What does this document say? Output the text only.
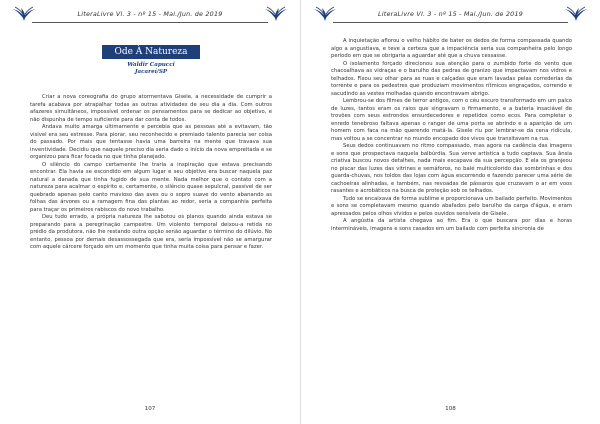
LiteraLivre Vl. 3 - nº 15 - Mai./Jun. de 2019
Ode À Natureza
Waldir Capucci
Jacareí/SP

Criar a nova coreografia do grupo atormentava Gisele, a necessidade de cumprir a tarefa acabava por atrapalhar todas as outras atividades de seu dia a dia. Com outros afazeres simultâneos, impossível ordenar os pensamentos para se dedicar ao objetivo, e não dispunha de tempo suficiente para dar conta de todos.

Andava muito amarga ultimamente e percebia que as pessoas até a evitavam, tão visível era seu estresse. Para piorar, seu reconhecido e premiado talento parecia ser coisa do passado. Por mais que tentasse havia uma barreira na mente que travava sua inventividade. Decidiu que naquele preciso dia seria dado o início da nova empreitada e se organizou para ficar focada no que tinha planejado.

O silêncio do campo certamente lhe traria a inspiração que estava precisando encontrar. Ela havia se escondido em algum lugar e seu objetivo era buscar naquela paz natural a danada que tinha fugido de sua mente. Nada melhor que o contato com a natureza para acalmar o espírito e, certamente, o silêncio quase sepulcral, passível de ser quebrado apenas pelo canto mavioso das aves ou o sopro suave do vento abanando as folhas das árvores ou a ramagem fina das plantas ao redor, seria a companhia perfeita para traçar os primeiros rabiscos do novo trabalho.

Deu tudo errado, a própria natureza lhe sabotou os planos quando ainda estava se preparando para a peregrinação campestre. Um violento temporal deixou-a retida no prédio da produtora, não lhe restando outra opção senão aguardar o término do dilúvio. No entanto, pessoa por demais desassossegada que era, seria impossível não se amargurar com aquele cárcere forçado em um momento que tinha muita coisa para pensar e fazer.

107
LiteraLivre Vl. 3 - nº 15 - Mai./Jun. de 2019

A inquietação aflorou o velho hábito de bater os dedos de forma compassada quando algo a angustiava, e teve a certeza que a impaciência seria sua companheira pelo longo período em que se obrigaria a aguardar até que a chuva cessasse.

O isolamento forçado direcionou sua atenção para o zumbido forte do vento que chacoalhava as vidraças e o barulho das pedras de granizo que impactavam nos vidros e telhados. Fixou seu olhar para as ruas e calçadas que eram lavadas pelas correderias da torrente e para os pedestres que produziam movimentos rítmicos engraçados, correndo e sacudindo as vestes molhadas quando encontravam abrigo.

Lembrou-se dos filmes de terror antigos, com o céu escuro transformado em um palco de luzes, tantos eram os raios que singravam o firmamento, e a bateria insaciável de trovões com seus estrondos ensurdecedores e repetidos como ecos. Para completar o enredo tenebroso faltava apenas o ranger de uma porta se abrindo e a aparição de um homem com faca na mão querendo matá-la. Gisele riu por lembrar-se da cena ridícula, mas voltou a se concentrar no mundo encopado dos vivos que transitavam na rua.

Seus dedos continuavam no ritmo compassado, mas agora na cadência das imagens e sons que prospectava naquela balbúrdia. Sua verve artística a tudo captava. Sua ânsia criativa buscou novos detalhes, nada mais escapava da sua percepção. E ela os granjeou no piscar das luzes das vitrines e semáforos, no balé multicolorido das sombrinhas e dos guarda-chuvas, nos toldos das lojas com água escorrendo e fazendo parecer uma série de cachoeiras alinhadas, e também, nas revoadas de pássaros que cruzavam o ar em voos rasantes e acrobáticos na busca de proteção sob os telhados.

Tudo se encaixava de forma sublime e proporcionava um bailado perfeito. Movimentos e sons se completavam mesmo quando abafados pelo barulho da carga d'água, e eram apressados pelos olhos vívidos e pelos ouvidos sensíveis de Gisele.

A angústia da artista chegava ao fim. Era o que buscara por dias e horas intermináveis, imagens e sons casados em um bailado com perfeita sincronia de

108
